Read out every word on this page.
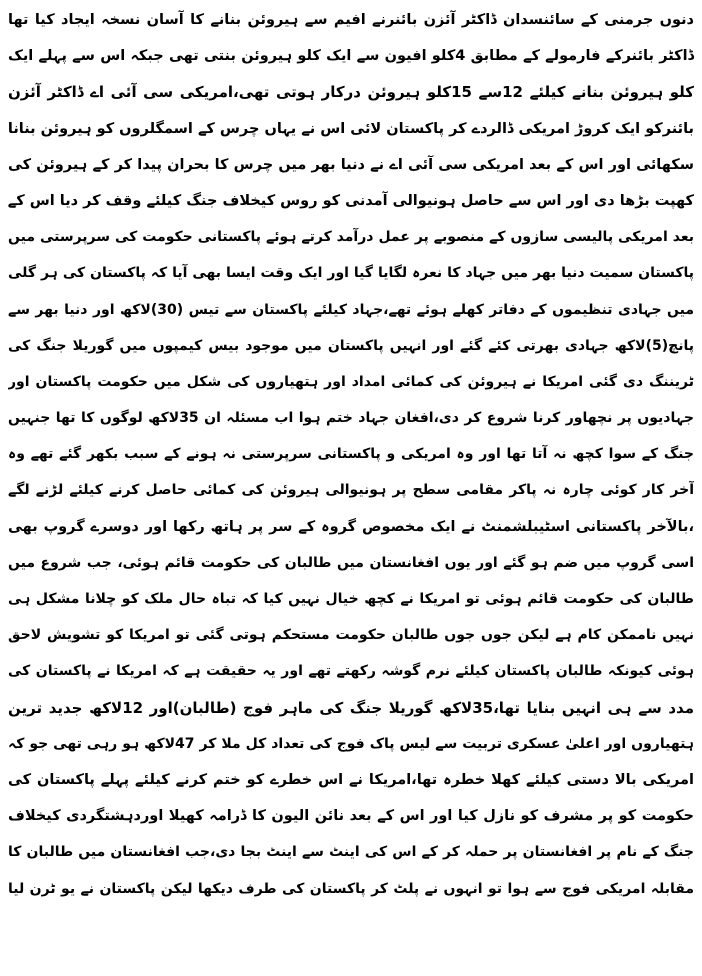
دنوں جرمنی کے سائنسدان ڈاکٹر آئزن بائنرنے افیم سے ہیروئن بنانے کا آسان نسخہ ایجاد کیا تھا
ڈاکٹر بائنرکے فارمولے کے مطابق 4کلو افیون سے ایک کلو ہیروئن بنتی تھی جبکہ اس سے پہلے ایک
کلو ہیروئن بنانے کیلئے 12سے 15کلو ہیروئن درکار ہوتی تھی،امریکی سی آئی اے ڈاکٹر آئزن
بائنرکو ایک کروڑ امریکی ڈالردے کر پاکستان لائی اس نے یہاں چرس کے اسمگلروں کو ہیروئن بنانا
سکھائی اور اس کے بعد امریکی سی آئی اے نے دنیا بھر میں چرس کا بحران پیدا کر کے ہیروئن کی
کھپت بڑھا دی اور اس سے حاصل ہونیوالی آمدنی کو روس کیخلاف جنگ کیلئے وقف کر دیا اس کے
بعد امریکی پالیسی سازوں کے منصوبے پر عمل درآمد کرتے ہوئے پاکستانی حکومت کی سرپرستی میں
پاکستان سمیت دنیا بھر میں جہاد کا نعرہ لگایا گیا اور ایک وقت ایسا بھی آیا کہ پاکستان کی ہر گلی
میں جہادی تنظیموں کے دفاتر کھلے ہوئے تھے،جہاد کیلئے پاکستان سے تیس (30)لاکھ اور دنیا بھر سے
پانچ(5)لاکھ جہادی بھرتی کئے گئے اور انہیں پاکستان میں موجود بیس کیمپوں میں گوریلا جنگ کی
ٹریننگ دی گئی امریکا نے ہیروئن کی کمائی امداد اور ہتھیاروں کی شکل میں حکومت پاکستان اور
جہادیوں پر نچھاور کرنا شروع کر دی،افغان جہاد ختم ہوا اب مسئلہ ان 35لاکھ لوگوں کا تھا جنہیں
جنگ کے سوا کچھ نہ آتا تھا اور وہ امریکی و پاکستانی سرپرستی نہ ہونے کے سبب بکھر گئے تھے وہ
آخر کار کوئی چارہ نہ پاکر مقامی سطح پر ہونیوالی ہیروئن کی کمائی حاصل کرنے کیلئے لڑنے لگے
،بالآخر پاکستانی اسٹیبلشمنٹ نے ایک مخصوص گروہ کے سر پر ہاتھ رکھا اور دوسرے گروپ بھی
اسی گروپ میں ضم ہو گئے اور یوں افغانستان میں طالبان کی حکومت قائم ہوئی، جب شروع میں
طالبان کی حکومت قائم ہوئی تو امریکا نے کچھ خیال نہیں کیا کہ تباہ حال ملک کو چلانا مشکل ہی
نہیں ناممکن کام ہے لیکن جوں جوں طالبان حکومت مستحکم ہوتی گئی تو امریکا کو تشویش لاحق
ہوئی کیونکہ طالبان پاکستان کیلئے نرم گوشہ رکھتے تھے اور یہ حقیقت ہے کہ امریکا نے پاکستان کی
مدد سے ہی انہیں بنایا تھا،35لاکھ گوریلا جنگ کی ماہر فوج (طالبان)اور 12لاکھ جدید ترین
ہتھیاروں اور اعلیٰ عسکری تربیت سے لیس پاک فوج کی تعداد کل ملا کر 47لاکھ ہو رہی تھی جو کہ
امریکی بالا دستی کیلئے کھلا خطرہ تھا،امریکا نے اس خطرے کو ختم کرنے کیلئے پہلے پاکستان کی
حکومت کو پر مشرف کو نازل کیا اور اس کے بعد نائن الیون کا ڈرامہ کھیلا اوردہشتگردی کیخلاف
جنگ کے نام پر افغانستان پر حملہ کر کے اس کی اینٹ سے اینٹ بجا دی،جب افغانستان میں طالبان کا
مقابلہ امریکی فوج سے ہوا تو انہوں نے پلٹ کر پاکستان کی طرف دیکھا لیکن پاکستان نے یو ٹرن لیا
